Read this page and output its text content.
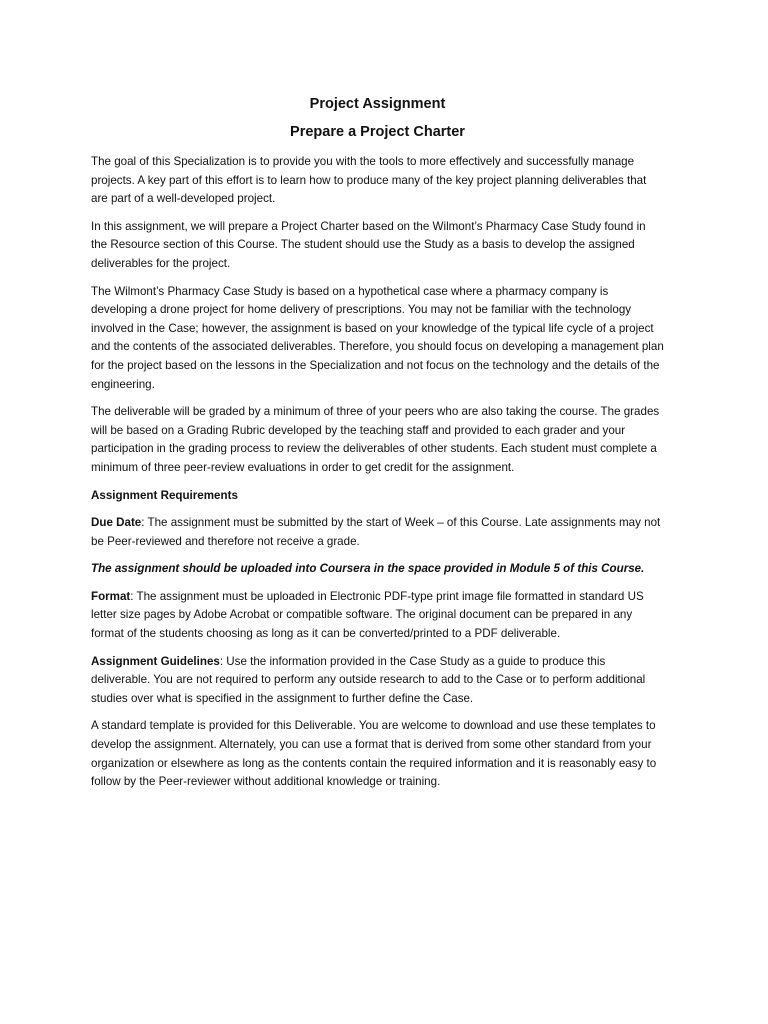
Project Assignment
Prepare a Project Charter

The goal of this Specialization is to provide you with the tools to more effectively and successfully manage projects. A key part of this effort is to learn how to produce many of the key project planning deliverables that are part of a well-developed project.

In this assignment, we will prepare a Project Charter based on the Wilmont’s Pharmacy Case Study found in the Resource section of this Course. The student should use the Study as a basis to develop the assigned deliverables for the project.

The Wilmont’s Pharmacy Case Study is based on a hypothetical case where a pharmacy company is developing a drone project for home delivery of prescriptions. You may not be familiar with the technology involved in the Case; however, the assignment is based on your knowledge of the typical life cycle of a project and the contents of the associated deliverables. Therefore, you should focus on developing a management plan for the project based on the lessons in the Specialization and not focus on the technology and the details of the engineering.

The deliverable will be graded by a minimum of three of your peers who are also taking the course. The grades will be based on a Grading Rubric developed by the teaching staff and provided to each grader and your participation in the grading process to review the deliverables of other students. Each student must complete a minimum of three peer-review evaluations in order to get credit for the assignment.

Assignment Requirements

Due Date: The assignment must be submitted by the start of Week – of this Course. Late assignments may not be Peer-reviewed and therefore not receive a grade.

The assignment should be uploaded into Coursera in the space provided in Module 5 of this Course.

Format: The assignment must be uploaded in Electronic PDF-type print image file formatted in standard US letter size pages by Adobe Acrobat or compatible software. The original document can be prepared in any format of the students choosing as long as it can be converted/printed to a PDF deliverable.

Assignment Guidelines: Use the information provided in the Case Study as a guide to produce this deliverable. You are not required to perform any outside research to add to the Case or to perform additional studies over what is specified in the assignment to further define the Case.

A standard template is provided for this Deliverable. You are welcome to download and use these templates to develop the assignment. Alternately, you can use a format that is derived from some other standard from your organization or elsewhere as long as the contents contain the required information and it is reasonably easy to follow by the Peer-reviewer without additional knowledge or training.
